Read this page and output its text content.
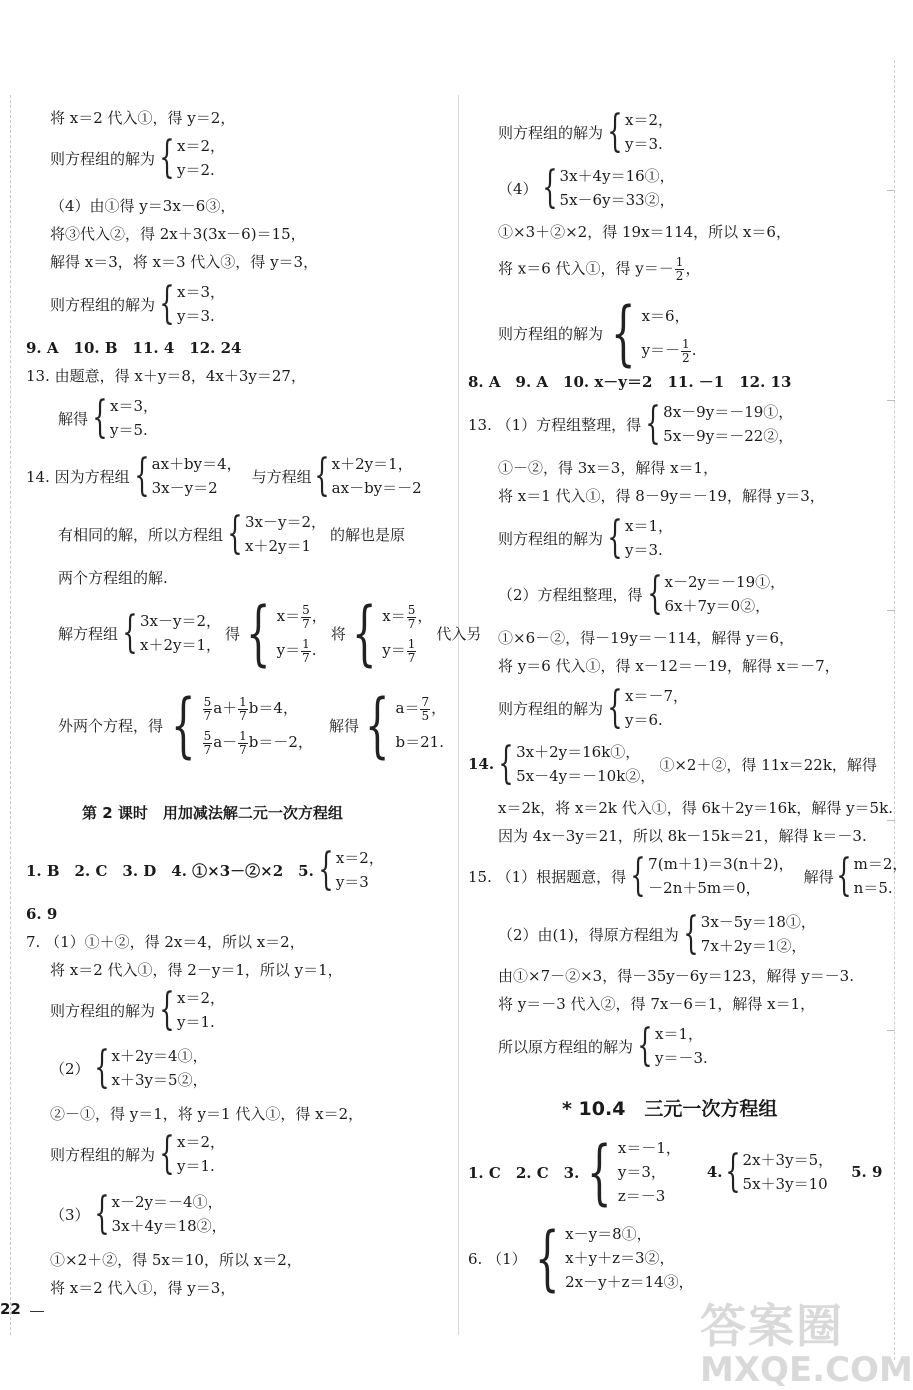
将 x＝2 代入①，得 y＝2，
则方程组的解为 { x＝2，
y＝2.
（4）由①得 y＝3x－6③，
将③代入②，得 2x＋3(3x－6)＝15，
解得 x＝3，将 x＝3 代入③，得 y＝3，
则方程组的解为 { x＝3，
y＝3.
9. A　10. B　11. 4　12. 24
13. 由题意，得 x＋y＝8，4x＋3y＝27，
解得 { x＝3，
y＝5.
14. 因为方程组 { ax＋by＝4，
3x－y＝2
与方程组 { x＋2y＝1，
ax－by＝－2
有相同的解，所以方程组 { 3x－y＝2，
x＋2y＝1
的解也是原
两个方程组的解.
解方程组 { 3x－y＝2，
x＋2y＝1，
得 { $x= \frac{5}{7}$ ，
$y= \frac{1}{7}$ .
将 { $x= \frac{5}{7}$ ，
$y= \frac{1}{7}$
代入另
外两个方程，得 { $\frac{5}{7} a+ \frac{1}{7} b=4$，
$\frac{5}{7} a- \frac{1}{7} b=-2$，
解得 { $a= \frac{7}{5}$ ，
b＝21.
第 2 课时　用加减法解二元一次方程组
1. B　2. C　3. D　4. ①×3－②×2　5. { x＝2，
y＝3
6. 9
7. （1）①＋②，得 2x＝4，所以 x＝2，
将 x＝2 代入①，得 2－y＝1，所以 y＝1，
则方程组的解为 { x＝2，
y＝1.
（2） { x＋2y＝4①，
x＋3y＝5②，
②－①，得 y＝1，将 y＝1 代入①，得 x＝2，
则方程组的解为 { x＝2，
y＝1.
（3） { x－2y＝－4①，
3x＋4y＝18②，
①×2＋②，得 5x＝10，所以 x＝2，
将 x＝2 代入①，得 y＝3，
则方程组的解为 { x＝2，
y＝3.
（4） { 3x＋4y＝16①，
5x－6y＝33②，
①×3＋②×2，得 19x＝114，所以 x＝6，
将 x＝6 代入①，得 $y=- \frac{1}{2}$ ，
则方程组的解为 { x＝6，
$y=- \frac{1}{2}$ .
8. A　9. A　10. x－y＝2　11. －1　12. 13
13. （1）方程组整理，得 { 8x－9y＝－19①，
5x－9y＝－22②，
①－②，得 3x＝3，解得 x＝1，
将 x＝1 代入①，得 8－9y＝－19，解得 y＝3，
则方程组的解为 { x＝1，
y＝3.
（2）方程组整理，得 { x－2y＝－19①，
6x＋7y＝0②，
①×6－②，得－19y＝－114，解得 y＝6，
将 y＝6 代入①，得 x－12＝－19，解得 x＝－7，
则方程组的解为 { x＝－7，
y＝6.
14. { 3x＋2y＝16k①，
5x－4y＝－10k②，
①×2＋②，得 11x＝22k，解得
x＝2k，将 x＝2k 代入①，得 6k＋2y＝16k，解得 y＝5k.
因为 4x－3y＝21，所以 8k－15k＝21，解得 k＝－3.
15. （1）根据题意，得 { 7(m＋1)＝3(n＋2)，
－2n＋5m＝0，
解得 { m＝2，
n＝5.
（2）由(1)，得原方程组为 { 3x－5y＝18①，
7x＋2y＝1②，
由①×7－②×3，得－35y－6y＝123，解得 y＝－3.
将 y＝－3 代入②，得 7x－6＝1，解得 x＝1，
所以原方程组的解为 { x＝1，
y＝－3.
* 10.4　三元一次方程组
1. C　2. C　3. { x＝－1，
y＝3，
z＝－3
4. { 2x＋3y＝5，
5x＋3y＝10
5. 9
6. （1） { x－y＝8①，
x＋y＋z＝3②，
2x－y＋z＝14③，
22	答案圈
MXQE.COM
